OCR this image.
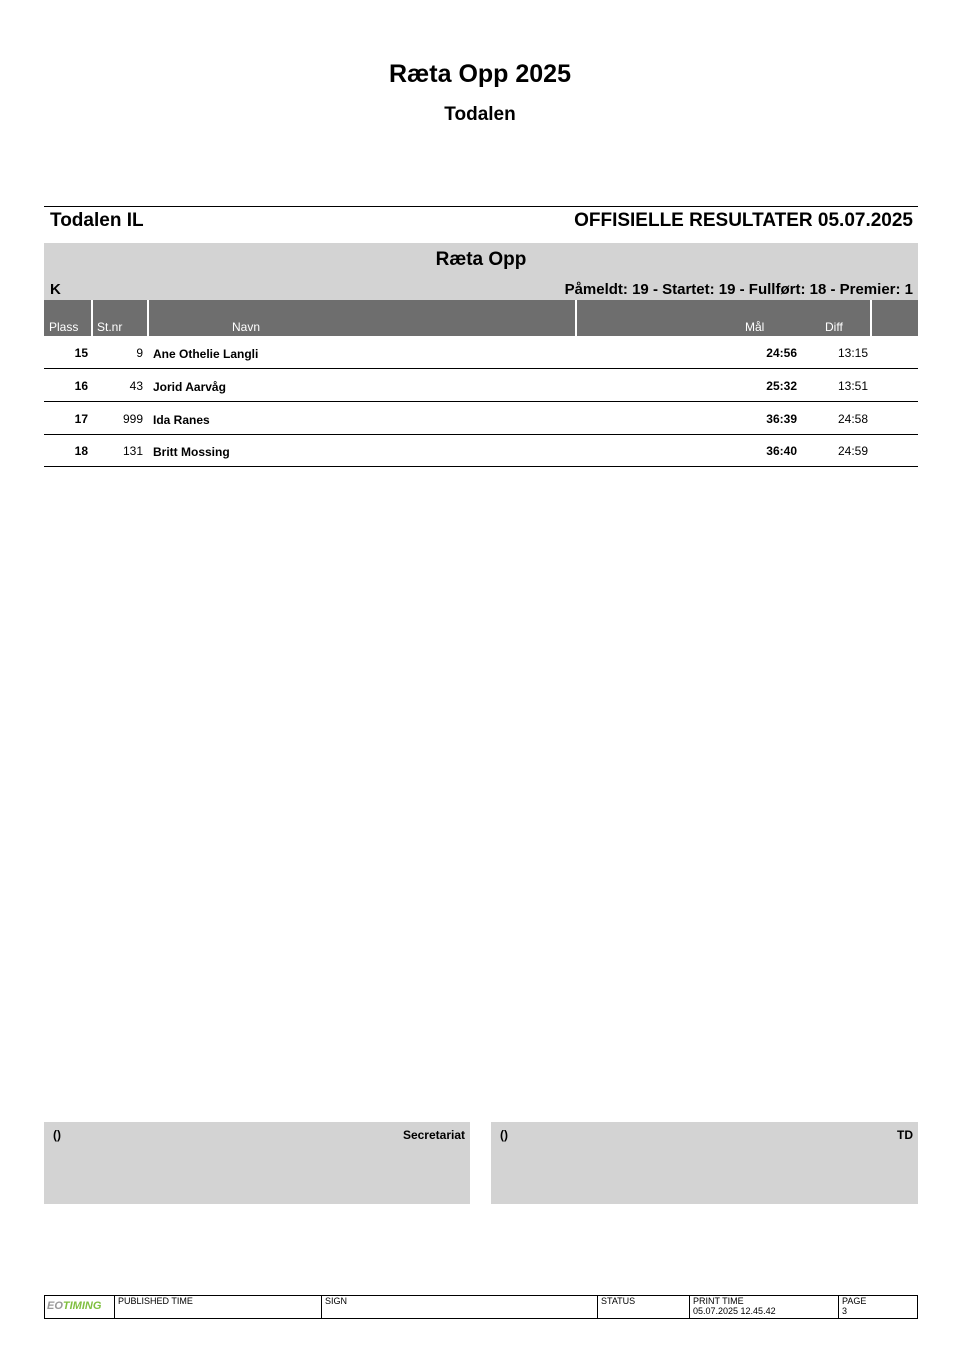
Ræta Opp 2025
Todalen
Todalen IL	OFFISIELLE RESULTATER 05.07.2025
Ræta Opp
K	Påmeldt: 19 - Startet: 19 - Fullført: 18 - Premier: 1
Plass St.nr	Navn	Mål	Diff
15	9 Ane Othelie Langli	24:56	13:15
16	43 Jorid Aarvåg	25:32	13:51
17	999 Ida Ranes	36:39	24:58
18	131 Britt Mossing	36:40	24:59
()	Secretariat	()	TD
EOTIMING	PUBLISHED TIME	SIGN	STATUS	PRINT TIME
05.07.2025 12.45.42
PAGE
3
